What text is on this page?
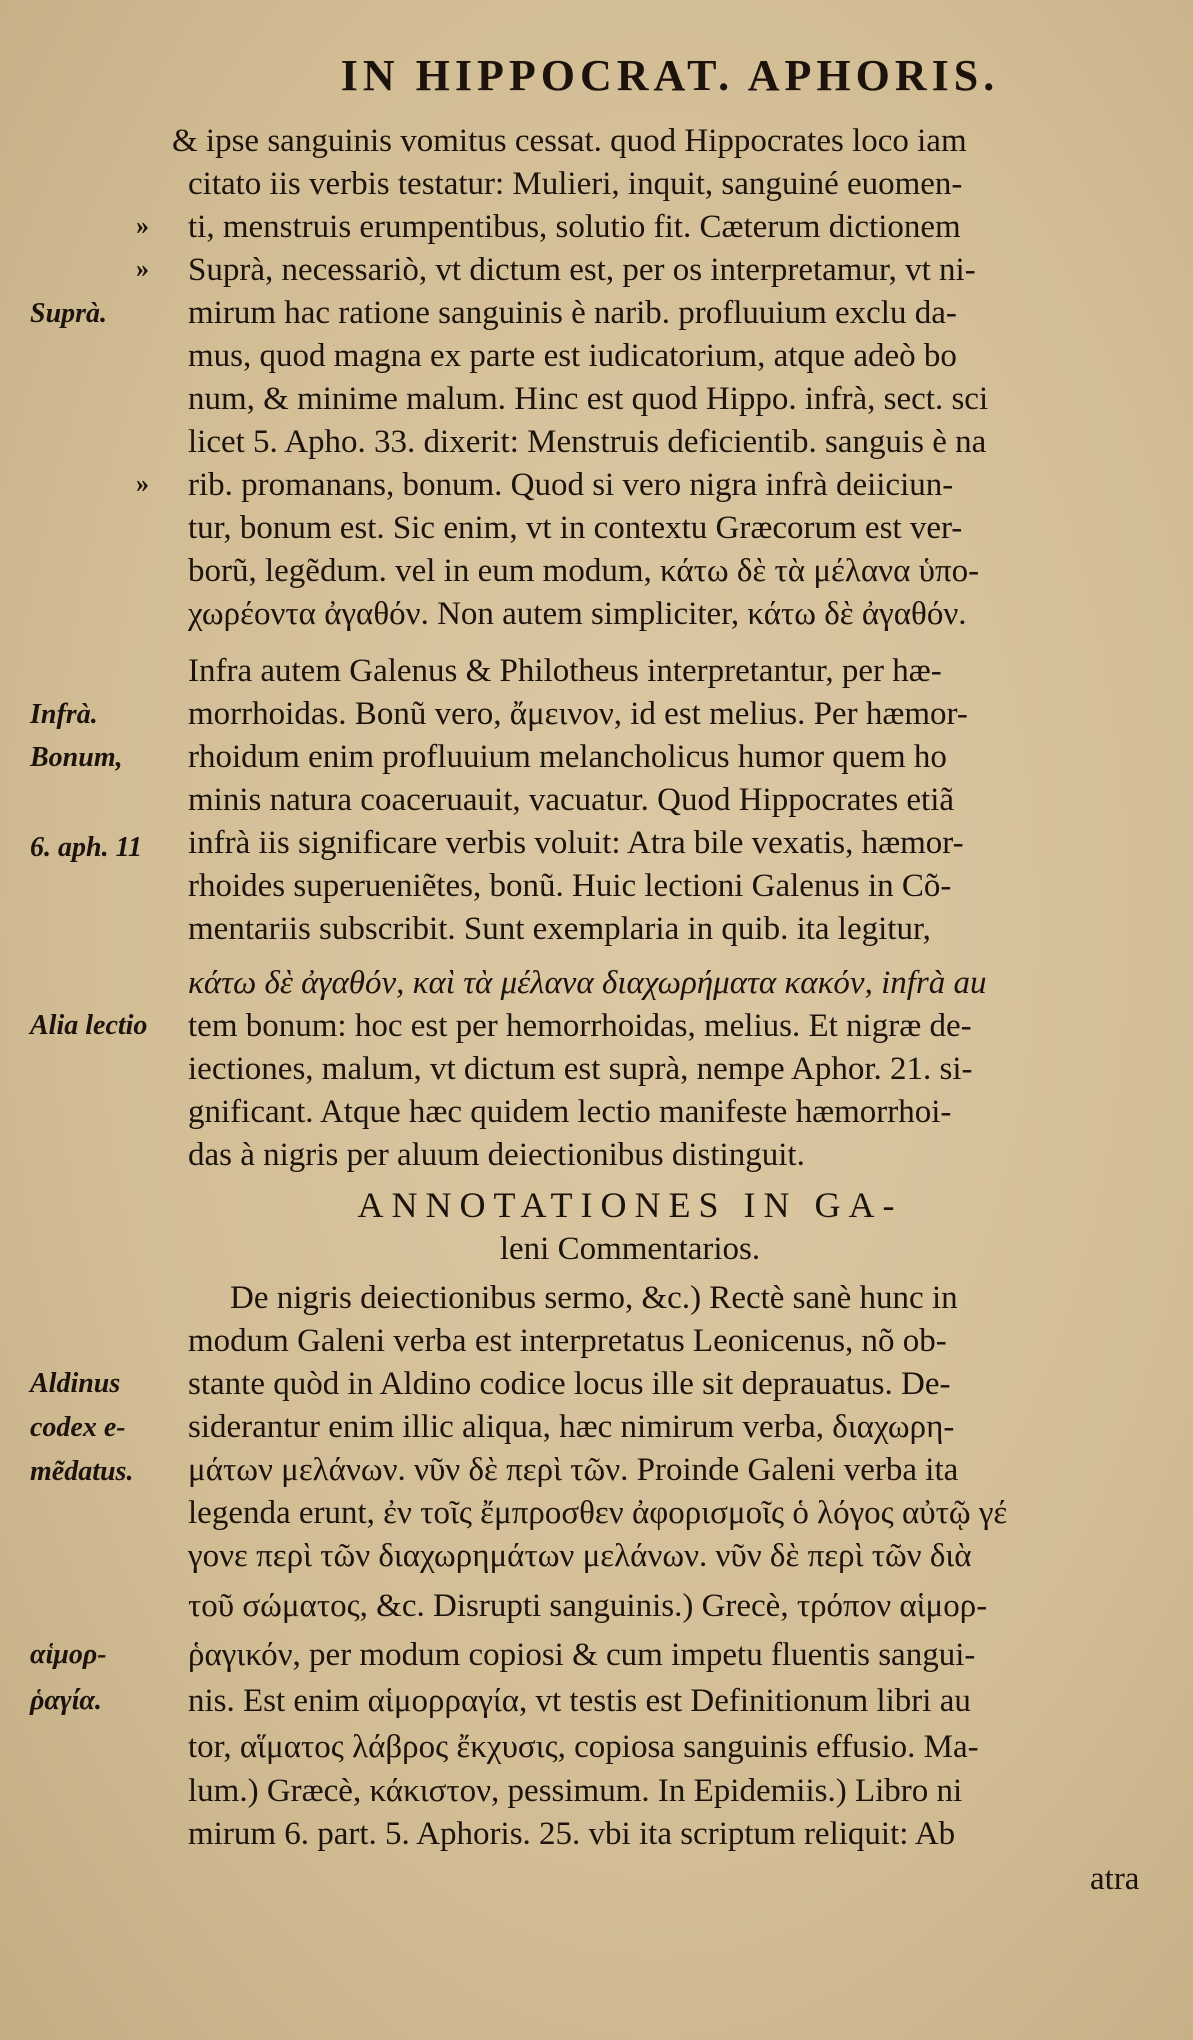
IN HIPPOCRAT. APHORIS.
& ipse sanguinis vomitus cessat. quod Hippocrates loco iam
citato iis verbis testatur: Mulieri, inquit, sanguiné euomen-
ti, menstruis erumpentibus, solutio fit. Cæterum dictionem
Suprà, necessariò, vt dictum est, per os interpretamur, vt ni-
mirum hac ratione sanguinis è narib. profluuium exclu da-
mus, quod magna ex parte est iudicatorium, atque adeò bo
num, & minime malum. Hinc est quod Hippo. infrà, sect. sci
licet 5. Apho. 33. dixerit: Menstruis deficientib. sanguis è na
rib. promanans, bonum. Quod si vero nigra infrà deiiciun-
tur, bonum est. Sic enim, vt in contextu Græcorum est ver-
borũ, legẽdum. vel in eum modum, κάτω δὲ τὰ μέλανα ὑπο-
χωρέοντα ἀγαθόν. Non autem simpliciter, κάτω δὲ ἀγαθόν.
Infra autem Galenus & Philotheus interpretantur, per hæ-
morrhoidas. Bonũ vero, ἄμεινον, id est melius. Per hæmor-
rhoidum enim profluuium melancholicus humor quem ho
minis natura coaceruauit, vacuatur. Quod Hippocrates etiã
infrà iis significare verbis voluit: Atra bile vexatis, hæmor-
rhoides superueniẽtes, bonũ. Huic lectioni Galenus in Cõ-
mentariis subscribit. Sunt exemplaria in quib. ita legitur,
κάτω δὲ ἀγαθόν, καὶ τὰ μέλανα διαχωρήματα κακόν, infrà au
tem bonum: hoc est per hemorrhoidas, melius. Et nigræ de-
iectiones, malum, vt dictum est suprà, nempe Aphor. 21. si-
gnificant. Atque hæc quidem lectio manifeste hæmorrhoi-
das à nigris per aluum deiectionibus distinguit.
ANNOTATIONES IN GA-
leni Commentarios.
De nigris deiectionibus sermo, &c.) Rectè sanè hunc in
modum Galeni verba est interpretatus Leonicenus, nõ ob-
stante quòd in Aldino codice locus ille sit deprauatus. De-
siderantur enim illic aliqua, hæc nimirum verba, διαχωρη-
μάτων μελάνων. νῦν δὲ περὶ τῶν. Proinde Galeni verba ita
legenda erunt, ἐν τοῖς ἔμπροσθεν ἀφορισμοῖς ὁ λόγος αὐτῷ γέ
γονε περὶ τῶν διαχωρημάτων μελάνων. νῦν δὲ περὶ τῶν διὰ
τοῦ σώματος, &c. Disrupti sanguinis.) Grecè, τρόπον αἱμορ-
ῥαγικόν, per modum copiosi & cum impetu fluentis sangui-
nis. Est enim αἱμορραγία, vt testis est Definitionum libri au
tor, αἵματος λάβρος ἔκχυσις, copiosa sanguinis effusio. Ma-
lum.) Græcè, κάκιστον, pessimum. In Epidemiis.) Libro ni
mirum 6. part. 5. Aphoris. 25. vbi ita scriptum reliquit: Ab
atra
»
»
»
Suprà.
Infrà.
Bonum,
6. aph. 11
Alia lectio
Aldinus
codex e-
mẽdatus.
αἱμορ-
ῥαγία.
